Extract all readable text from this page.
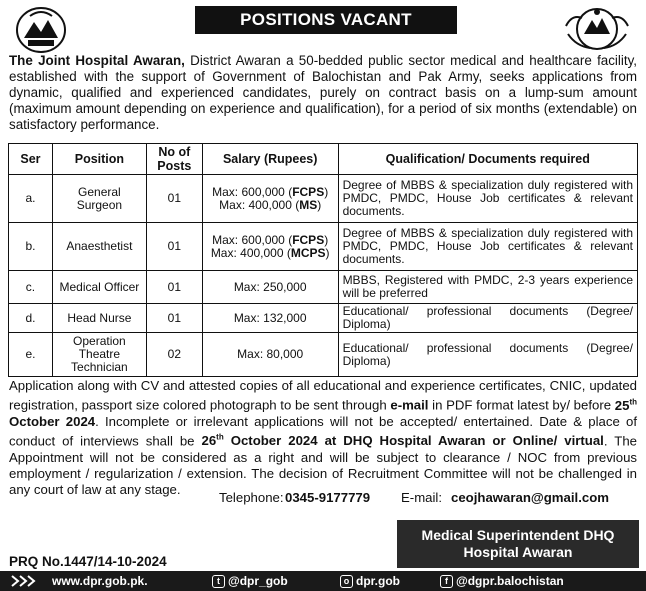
POSITIONS VACANT

The Joint Hospital Awaran, District Awaran a 50-bedded public sector medical and healthcare facility, established with the support of Government of Balochistan and Pak Army, seeks applications from dynamic, qualified and experienced candidates, purely on contract basis on a lump-sum amount (maximum amount depending on experience and qualification), for a period of six months (extendable) on satisfactory performance.

Ser	Position	No of Posts	Salary (Rupees)	Qualification/ Documents required
a.	General Surgeon	01	Max: 600,000 (FCPS)
Max: 400,000 (MS)	Degree of MBBS & specialization duly registered with PMDC, PMDC, House Job certificates & relevant documents.
b.	Anaesthetist	01	Max: 600,000 (FCPS)
Max: 400,000 (MCPS)	Degree of MBBS & specialization duly registered with PMDC, PMDC, House Job certificates & relevant documents.
c.	Medical Officer	01	Max: 250,000	MBBS, Registered with PMDC, 2-3 years experience will be preferred
d.	Head Nurse	01	Max: 132,000	Educational/ professional documents (Degree/ Diploma)
e.	Operation Theatre Technician	02	Max: 80,000	Educational/ professional documents (Degree/ Diploma)

Application along with CV and attested copies of all educational and experience certificates, CNIC, updated registration, passport size colored photograph to be sent through e-mail in PDF format latest by/ before 25th October 2024. Incomplete or irrelevant applications will not be accepted/ entertained. Date & place of conduct of interviews shall be 26th October 2024 at DHQ Hospital Awaran or Online/ virtual. The Appointment will not be considered as a right and will be subject to clearance / NOC from previous employment / regularization / extension. The decision of Recruitment Committee will not be challenged in any court of law at any stage.

Telephone: 0345-9177779 E-mail: ceojhawaran@gmail.com
Medical Superintendent DHQ
Hospital Awaran
PRQ No.1447/14-10-2024
www.dpr.gob.pk.	t @dpr_gob	o dpr.gob	f @dgpr.balochistan
